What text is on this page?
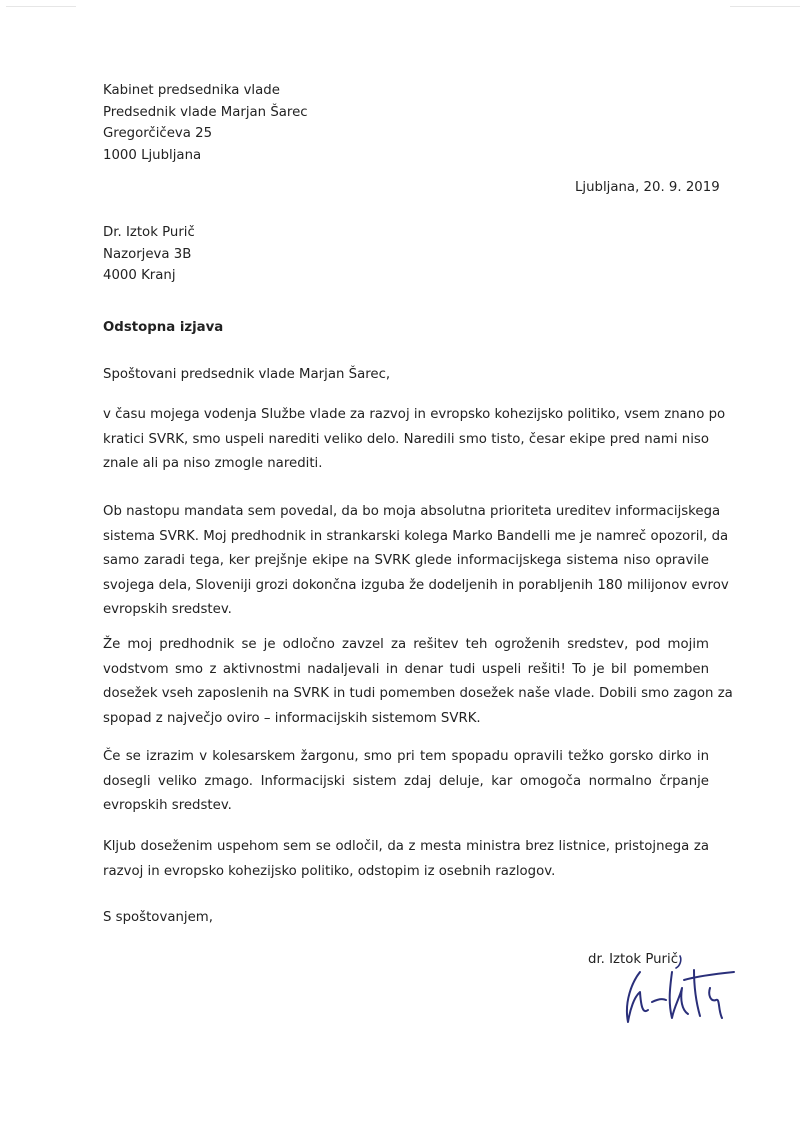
Kabinet predsednika vlade
Predsednik vlade Marjan Šarec
Gregorčičeva 25
1000 Ljubljana
Ljubljana, 20. 9. 2019
Dr. Iztok Purič
Nazorjeva 3B
4000 Kranj
Odstopna izjava
Spoštovani predsednik vlade Marjan Šarec,
v času mojega vodenja Službe vlade za razvoj in evropsko kohezijsko politiko, vsem znano po
kratici SVRK, smo uspeli narediti veliko delo. Naredili smo tisto, česar ekipe pred nami niso
znale ali pa niso zmogle narediti.
Ob nastopu mandata sem povedal, da bo moja absolutna prioriteta ureditev informacijskega
sistema SVRK. Moj predhodnik in strankarski kolega Marko Bandelli me je namreč opozoril, da
samo zaradi tega, ker prejšnje ekipe na SVRK glede informacijskega sistema niso opravile
svojega dela, Sloveniji grozi dokončna izguba že dodeljenih in porabljenih 180 milijonov evrov
evropskih sredstev.
Že moj predhodnik se je odločno zavzel za rešitev teh ogroženih sredstev, pod mojim
vodstvom smo z aktivnostmi nadaljevali in denar tudi uspeli rešiti! To je bil pomemben
dosežek vseh zaposlenih na SVRK in tudi pomemben dosežek naše vlade. Dobili smo zagon za
spopad z največjo oviro – informacijskih sistemom SVRK.
Če se izrazim v kolesarskem žargonu, smo pri tem spopadu opravili težko gorsko dirko in
dosegli veliko zmago. Informacijski sistem zdaj deluje, kar omogoča normalno črpanje
evropskih sredstev.
Kljub doseženim uspehom sem se odločil, da z mesta ministra brez listnice, pristojnega za
razvoj in evropsko kohezijsko politiko, odstopim iz osebnih razlogov.
S spoštovanjem,
dr. Iztok Purič
